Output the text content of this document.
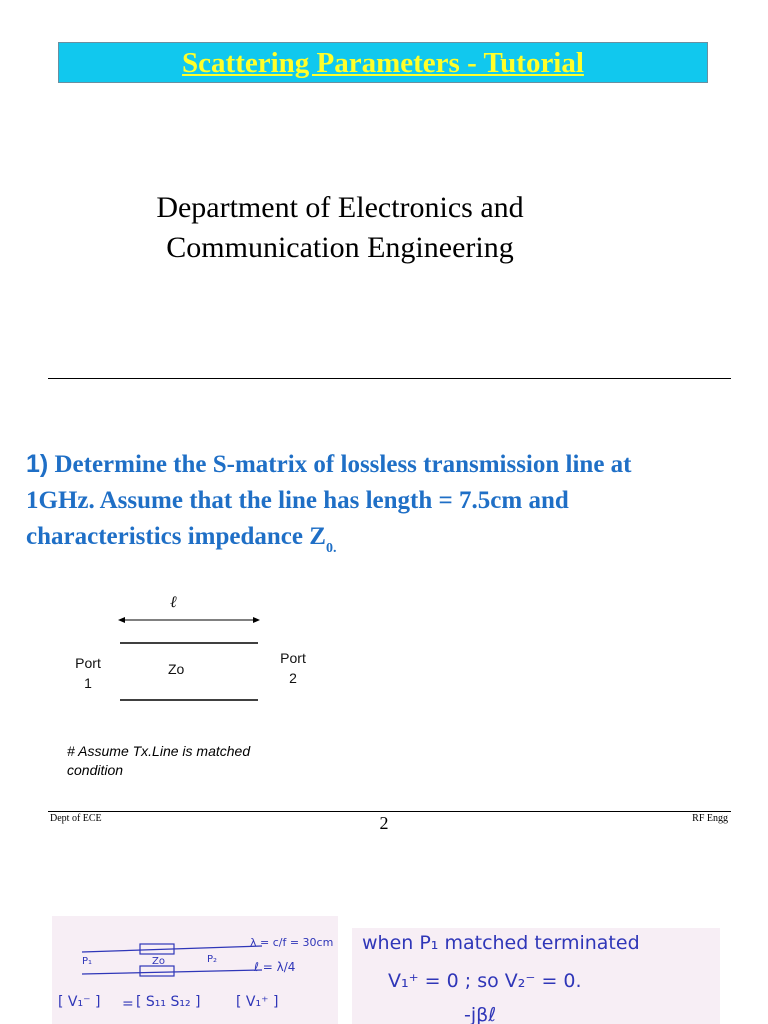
Scattering Parameters - Tutorial
Department of Electronics and
Communication Engineering
1) Determine the S-matrix of lossless transmission line at
1GHz. Assume that the line has length = 7.5cm and
characteristics impedance $Z_{0.}$
ℓ
Zo
Port
1
Port
2
# Assume Tx.Line is matched condition
Dept of ECE	2	RF Engg
P₁	Zo	P₂
λ = c/f = 30cm
ℓ = λ/4
[ V₁⁻ ] = [ S₁₁ S₁₂ ]	[ V₁⁺ ]
when P₁ matched terminated
V₁⁺ = 0 ; so V₂⁻ = 0.
-jβℓ
